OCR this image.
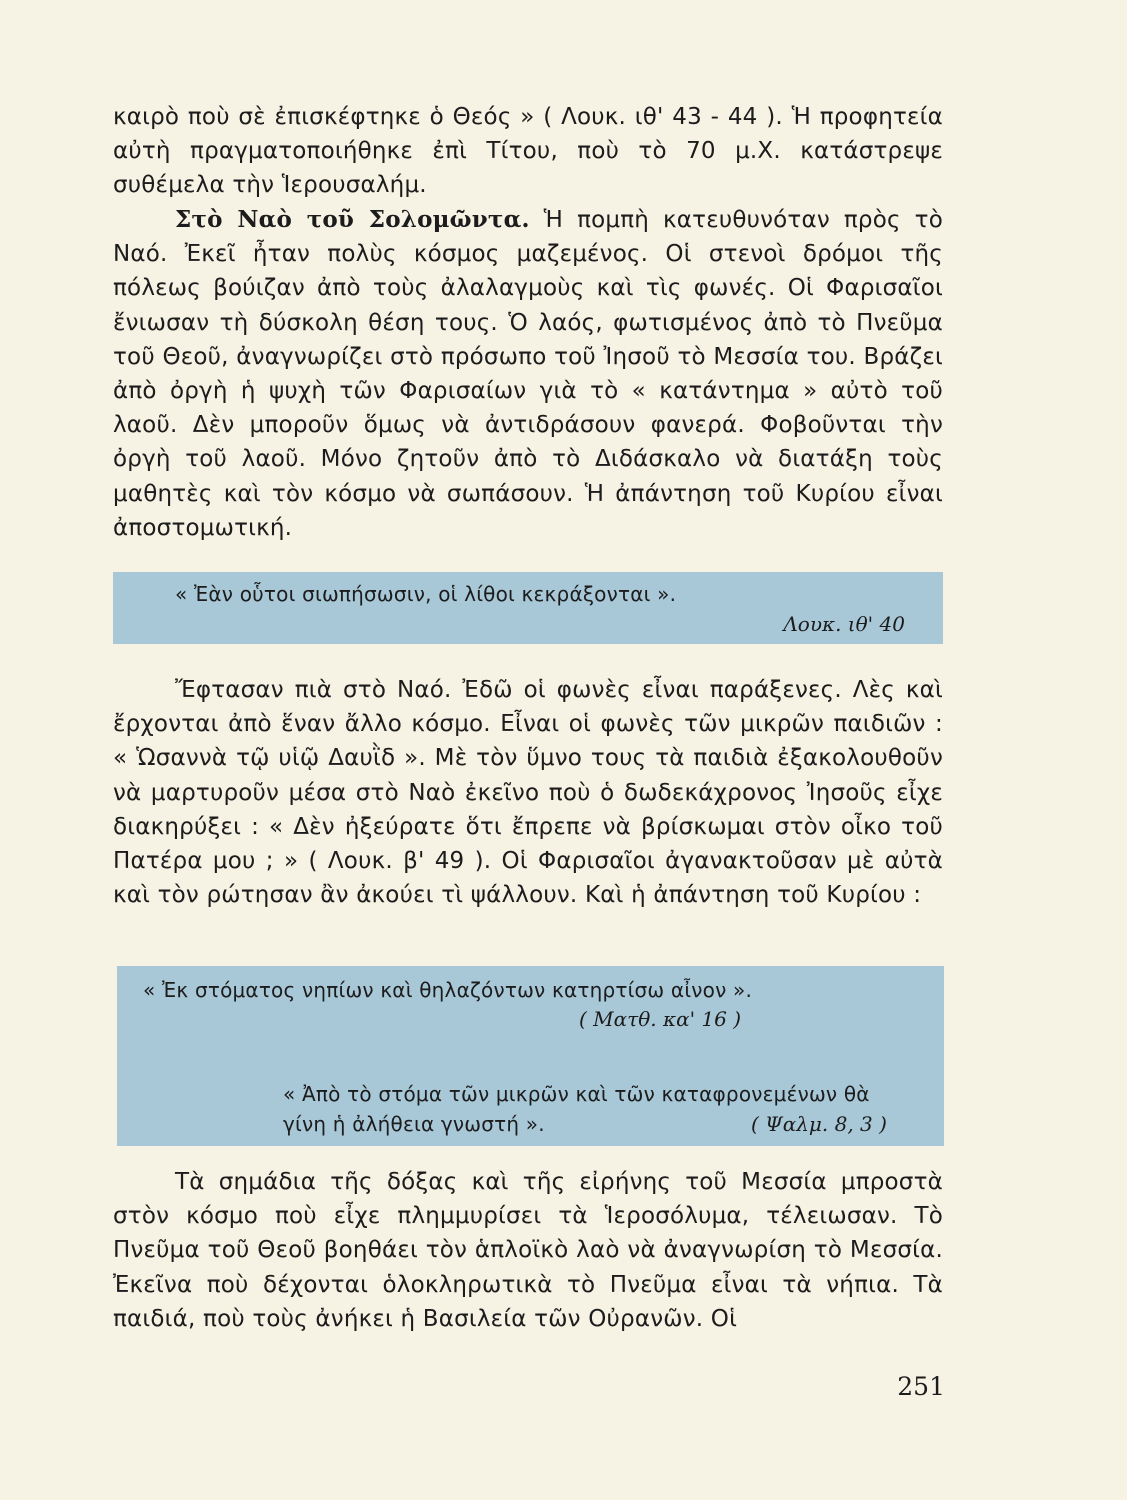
καιρὸ ποὺ σὲ ἐπισκέφτηκε ὁ Θεός » ( Λουκ. ιθ' 43 - 44 ). Ἡ προφητεία αὐτὴ πραγματοποιήθηκε ἐπὶ Τίτου, ποὺ τὸ 70 μ.Χ. κατάστρεψε συθέμελα τὴν Ἱερουσαλήμ.

Στὸ Ναὸ τοῦ Σολομῶντα. Ἡ πομπὴ κατευθυνόταν πρὸς τὸ Ναό. Ἐκεῖ ἦταν πολὺς κόσμος μαζεμένος. Οἱ στενοὶ δρόμοι τῆς πόλεως βούιζαν ἀπὸ τοὺς ἀλαλαγμοὺς καὶ τὶς φωνές. Οἱ Φαρισαῖοι ἔνιωσαν τὴ δύσκολη θέση τους. Ὁ λαός, φωτισμένος ἀπὸ τὸ Πνεῦμα τοῦ Θεοῦ, ἀναγνωρίζει στὸ πρόσωπο τοῦ Ἰησοῦ τὸ Μεσσία του. Βράζει ἀπὸ ὀργὴ ἡ ψυχὴ τῶν Φαρισαίων γιὰ τὸ « κατάντημα » αὐτὸ τοῦ λαοῦ. Δὲν μποροῦν ὅμως νὰ ἀντιδράσουν φανερά. Φοβοῦνται τὴν ὀργὴ τοῦ λαοῦ. Μόνο ζητοῦν ἀπὸ τὸ Διδάσκαλο νὰ διατάξη τοὺς μαθητὲς καὶ τὸν κόσμο νὰ σωπάσουν. Ἡ ἀπάντηση τοῦ Κυρίου εἶναι ἀποστομωτική.

« Ἐὰν οὗτοι σιωπήσωσιν, οἱ λίθοι κεκράξονται ».
Λουκ. ιθ' 40

Ἔφτασαν πιὰ στὸ Ναό. Ἐδῶ οἱ φωνὲς εἶναι παράξενες. Λὲς καὶ ἔρχονται ἀπὸ ἕναν ἄλλο κόσμο. Εἶναι οἱ φωνὲς τῶν μικρῶν παιδιῶν : « Ὡσαννὰ τῷ υἱῷ Δαυῒδ ». Μὲ τὸν ὕμνο τους τὰ παιδιὰ ἐξακολουθοῦν νὰ μαρτυροῦν μέσα στὸ Ναὸ ἐκεῖνο ποὺ ὁ δωδεκάχρονος Ἰησοῦς εἶχε διακηρύξει : « Δὲν ἠξεύρατε ὅτι ἔπρεπε νὰ βρίσκωμαι στὸν οἶκο τοῦ Πατέρα μου ; » ( Λουκ. β' 49 ). Οἱ Φαρισαῖοι ἀγανακτοῦσαν μὲ αὐτὰ καὶ τὸν ρώτησαν ἂν ἀκούει τὶ ψάλλουν. Καὶ ἡ ἀπάντηση τοῦ Κυρίου :

« Ἐκ στόματος νηπίων καὶ θηλαζόντων κατηρτίσω αἶνον ».
( Ματθ. κα' 16 )
« Ἀπὸ τὸ στόμα τῶν μικρῶν καὶ τῶν καταφρονεμένων θὰ
γίνη ἡ ἀλήθεια γνωστή ».	( Ψαλμ. 8, 3 )

Τὰ σημάδια τῆς δόξας καὶ τῆς εἰρήνης τοῦ Μεσσία μπροστὰ στὸν κόσμο ποὺ εἶχε πλημμυρίσει τὰ Ἱεροσόλυμα, τέλειωσαν. Τὸ Πνεῦμα τοῦ Θεοῦ βοηθάει τὸν ἁπλοϊκὸ λαὸ νὰ ἀναγνωρίση τὸ Μεσσία. Ἐκεῖνα ποὺ δέχονται ὁλοκληρωτικὰ τὸ Πνεῦμα εἶναι τὰ νήπια. Τὰ παιδιά, ποὺ τοὺς ἀνήκει ἡ Βασιλεία τῶν Οὐρανῶν. Οἱ

251
